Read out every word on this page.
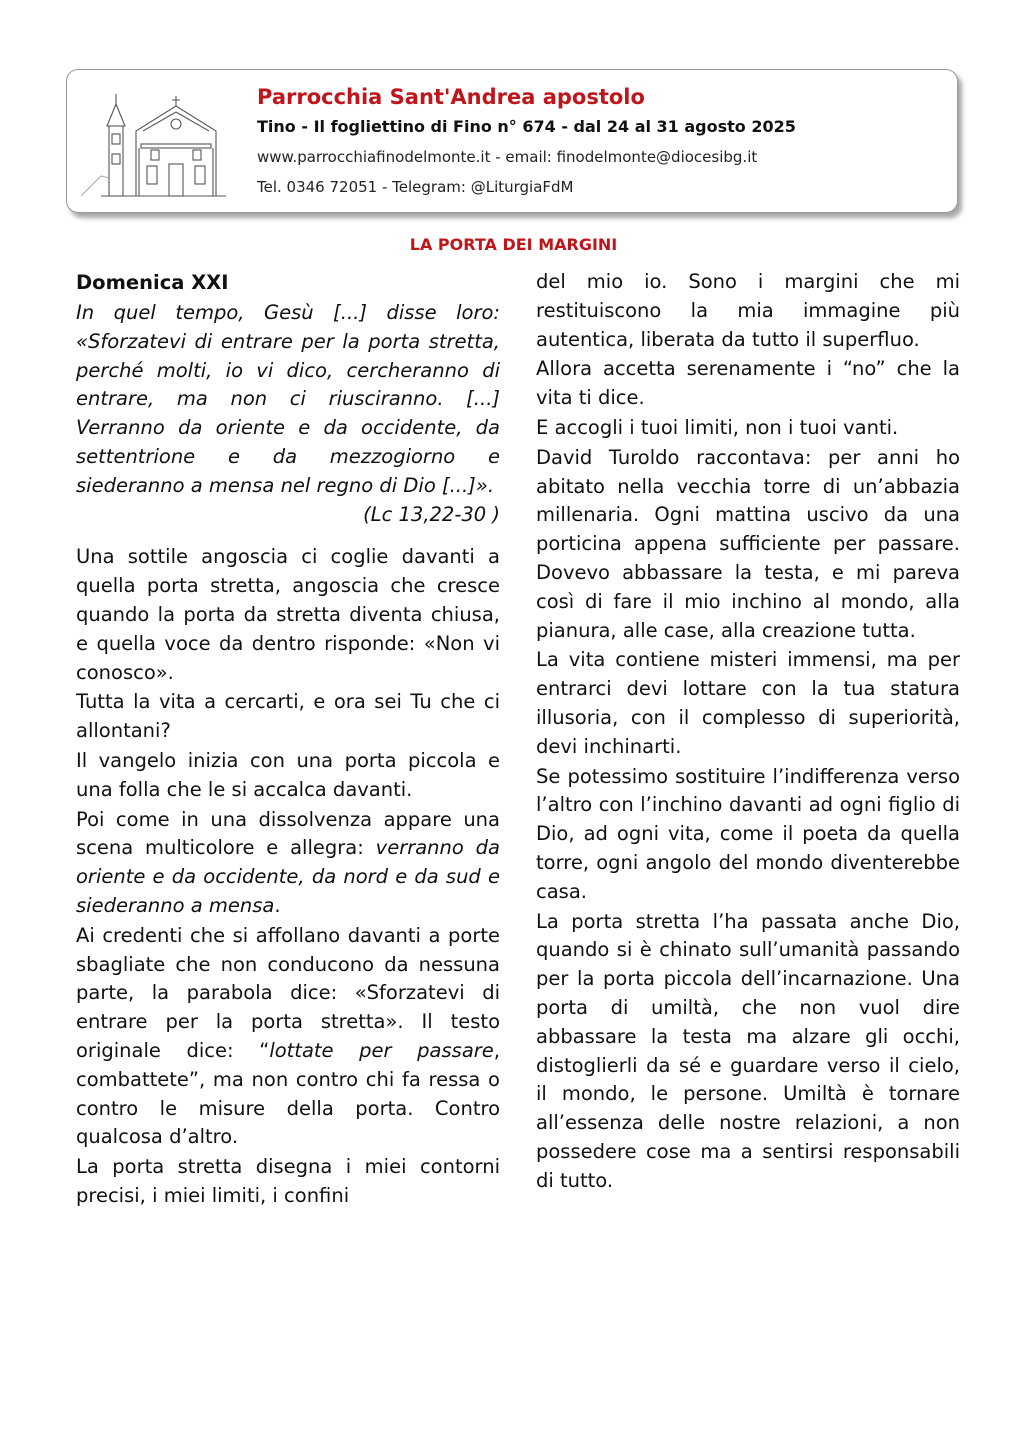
Parrocchia Sant'Andrea apostolo
Tino - Il fogliettino di Fino n° 674 - dal 24 al 31 agosto 2025
www.parrocchiafinodelmonte.it - email: finodelmonte@diocesibg.it
Tel. 0346 72051 - Telegram: @LiturgiaFdM
LA PORTA DEI MARGINI
Domenica XXI

In quel tempo, Gesù [...] disse loro: «Sforzatevi di entrare per la porta stretta, perché molti, io vi dico, cercheranno di entrare, ma non ci riusciranno. [...] Verranno da oriente e da occidente, da settentrione e da mezzogiorno e siederanno a mensa nel regno di Dio [...]».

(Lc 13,22-30 )

Una sottile angoscia ci coglie davanti a quella porta stretta, angoscia che cresce quando la porta da stretta diventa chiusa, e quella voce da dentro risponde: «Non vi conosco».

Tutta la vita a cercarti, e ora sei Tu che ci allontani?

Il vangelo inizia con una porta piccola e una folla che le si accalca davanti.

Poi come in una dissolvenza appare una scena multicolore e allegra: verranno da oriente e da occidente, da nord e da sud e siederanno a mensa.

Ai credenti che si affollano davanti a porte sbagliate che non conducono da nessuna parte, la parabola dice: «Sforzatevi di entrare per la porta stretta». Il testo originale dice: “lottate per passare, combattete”, ma non contro chi fa ressa o contro le misure della porta. Contro qualcosa d’altro.

La porta stretta disegna i miei contorni precisi, i miei limiti, i confini

del mio io. Sono i margini che mi restituiscono la mia immagine più autentica, liberata da tutto il superfluo.

Allora accetta serenamente i “no” che la vita ti dice.

E accogli i tuoi limiti, non i tuoi vanti.

David Turoldo raccontava: per anni ho abitato nella vecchia torre di un’abbazia millenaria. Ogni mattina uscivo da una porticina appena sufficiente per passare. Dovevo abbassare la testa, e mi pareva così di fare il mio inchino al mondo, alla pianura, alle case, alla creazione tutta.

La vita contiene misteri immensi, ma per entrarci devi lottare con la tua statura illusoria, con il complesso di superiorità, devi inchinarti.

Se potessimo sostituire l’indifferenza verso l’altro con l’inchino davanti ad ogni figlio di Dio, ad ogni vita, come il poeta da quella torre, ogni angolo del mondo diventerebbe casa.

La porta stretta l’ha passata anche Dio, quando si è chinato sull’umanità passando per la porta piccola dell’incarnazione. Una porta di umiltà, che non vuol dire abbassare la testa ma alzare gli occhi, distoglierli da sé e guardare verso il cielo, il mondo, le persone. Umiltà è tornare all’essenza delle nostre relazioni, a non possedere cose ma a sentirsi responsabili di tutto.
